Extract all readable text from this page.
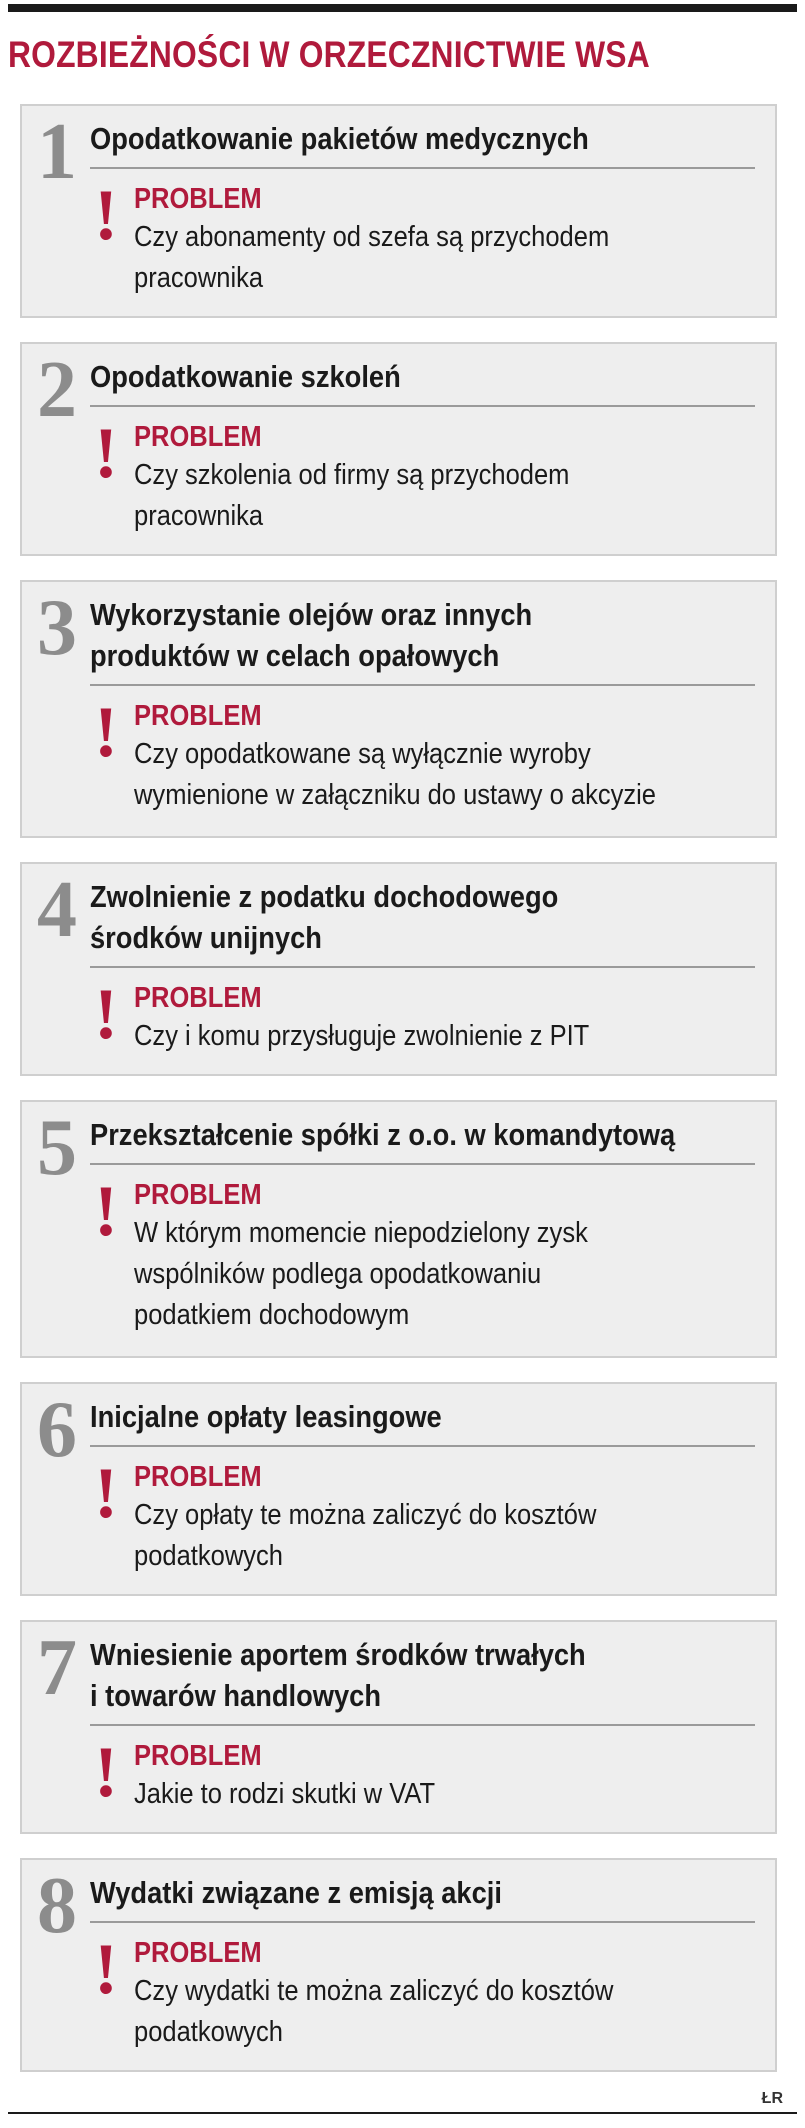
ROZBIEŻNOŚCI W ORZECZNICTWIE WSA
1 Opodatkowanie pakietów medycznych
! PROBLEM
Czy abonamenty od szefa są przychodem
pracownika
2 Opodatkowanie szkoleń
! PROBLEM
Czy szkolenia od firmy są przychodem
pracownika
3 Wykorzystanie olejów oraz innych
produktów w celach opałowych
! PROBLEM
Czy opodatkowane są wyłącznie wyroby
wymienione w załączniku do ustawy o akcyzie
4 Zwolnienie z podatku dochodowego
środków unijnych
! PROBLEM
Czy i komu przysługuje zwolnienie z PIT
5 Przekształcenie spółki z o.o. w komandytową
! PROBLEM
W którym momencie niepodzielony zysk
wspólników podlega opodatkowaniu
podatkiem dochodowym
6 Inicjalne opłaty leasingowe
! PROBLEM
Czy opłaty te można zaliczyć do kosztów
podatkowych
7 Wniesienie aportem środków trwałych
i towarów handlowych
! PROBLEM
Jakie to rodzi skutki w VAT
8 Wydatki związane z emisją akcji
! PROBLEM
Czy wydatki te można zaliczyć do kosztów
podatkowych
ŁR
